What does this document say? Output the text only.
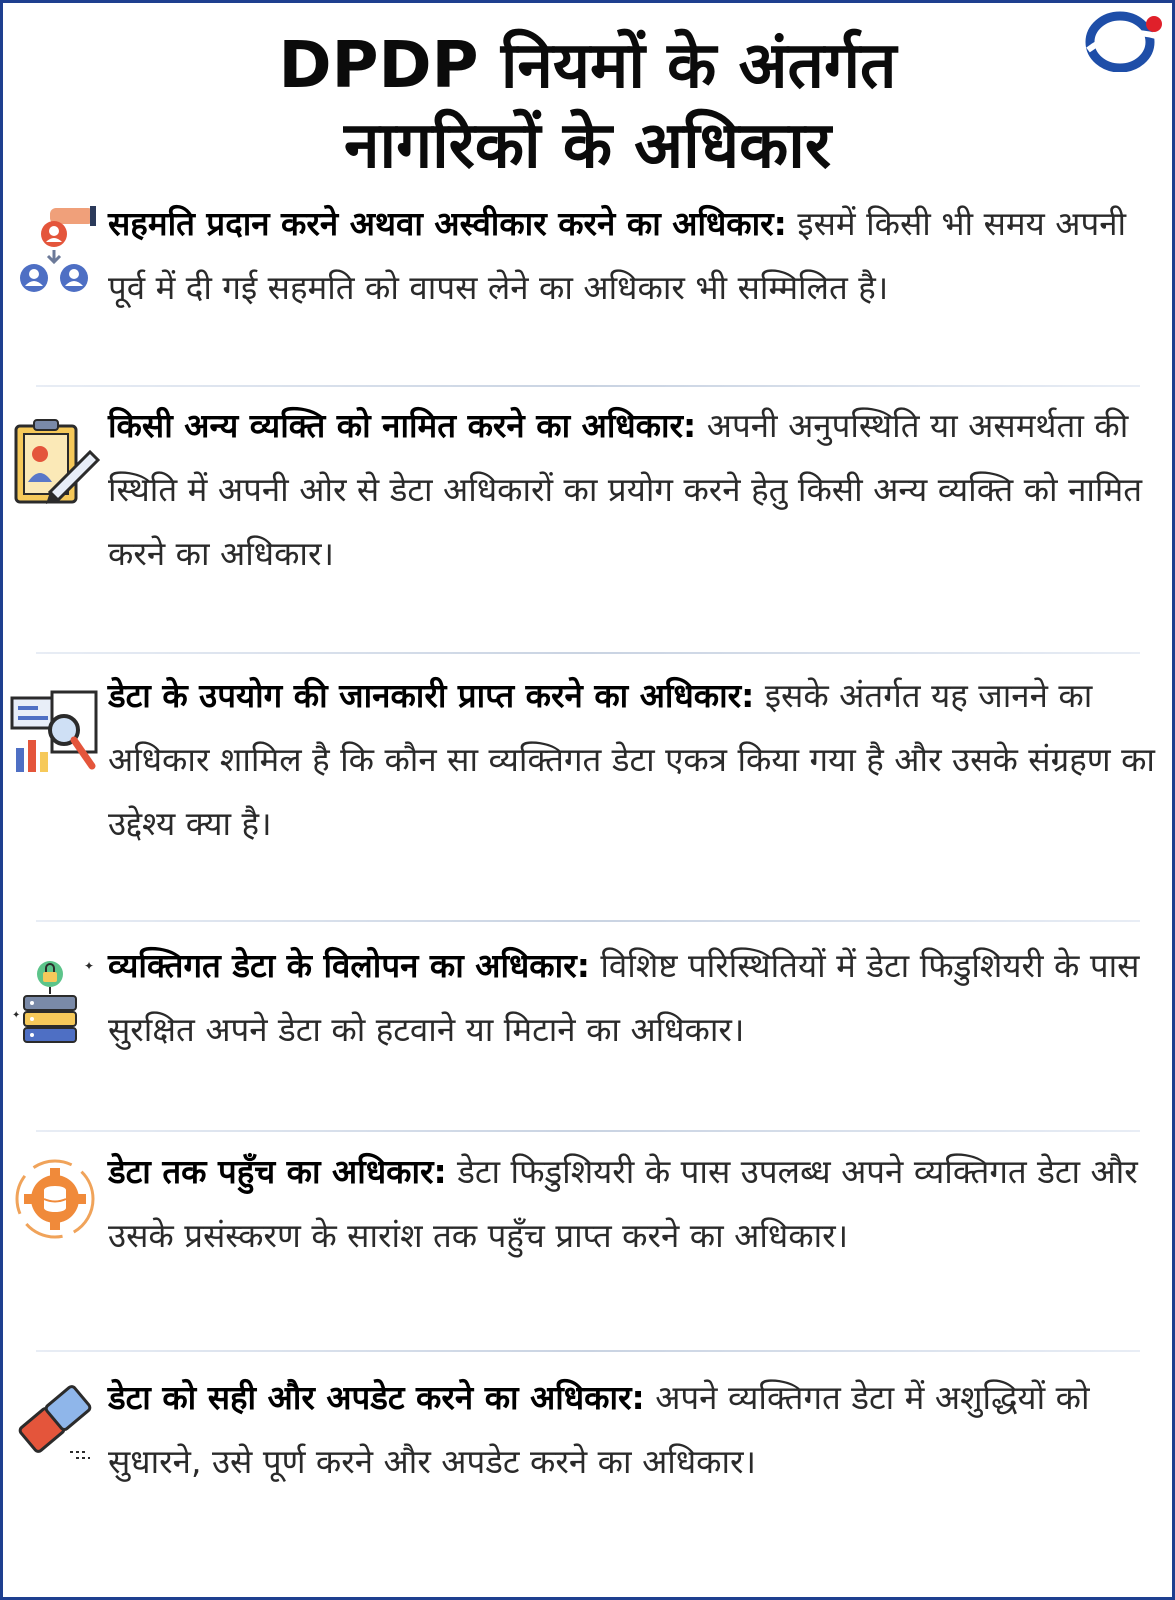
DPDP नियमों के अंतर्गत
नागरिकों के अधिकार

सहमति प्रदान करने अथवा अस्वीकार करने का अधिकार: इसमें किसी भी समय अपनी पूर्व में दी गई सहमति को वापस लेने का अधिकार भी सम्मिलित है।

किसी अन्य व्यक्ति को नामित करने का अधिकार: अपनी अनुपस्थिति या असमर्थता की स्थिति में अपनी ओर से डेटा अधिकारों का प्रयोग करने हेतु किसी अन्य व्यक्ति को नामित करने का अधिकार।

डेटा के उपयोग की जानकारी प्राप्त करने का अधिकार: इसके अंतर्गत यह जानने का अधिकार शामिल है कि कौन सा व्यक्तिगत डेटा एकत्र किया गया है और उसके संग्रहण का उद्देश्य क्या है।

✦
✦

व्यक्तिगत डेटा के विलोपन का अधिकार: विशिष्ट परिस्थितियों में डेटा फिडुशियरी के पास सुरक्षित अपने डेटा को हटवाने या मिटाने का अधिकार।

डेटा तक पहुँच का अधिकार: डेटा फिडुशियरी के पास उपलब्ध अपने व्यक्तिगत डेटा और उसके प्रसंस्करण के सारांश तक पहुँच प्राप्त करने का अधिकार।

डेटा को सही और अपडेट करने का अधिकार: अपने व्यक्तिगत डेटा में अशुद्धियों को सुधारने, उसे पूर्ण करने और अपडेट करने का अधिकार।
